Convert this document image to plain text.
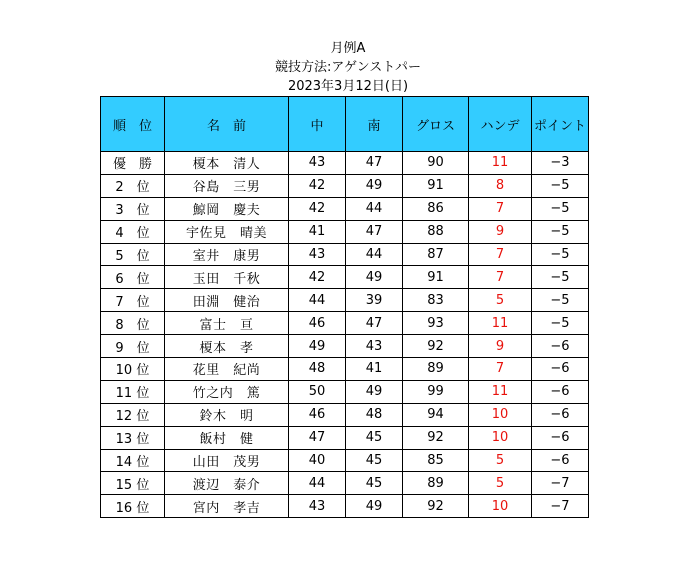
月例A
競技方法:アゲンストパー
2023年3月12日(日)
順　位	名　前	中	南	グロス	ハンデ	ポイント
優　勝	榎本　清人	43	47	90	11	−3
2　位	谷島　三男	42	49	91	8	−5
3　位	鯨岡　慶夫	42	44	86	7	−5
4　位	宇佐見　晴美	41	47	88	9	−5
5　位	室井　康男	43	44	87	7	−5
6　位	玉田　千秋	42	49	91	7	−5
7　位	田淵　健治	44	39	83	5	−5
8　位	富士　亘	46	47	93	11	−5
9　位	榎本　孝	49	43	92	9	−6
10 位	花里　紀尚	48	41	89	7	−6
11 位	竹之内　篤	50	49	99	11	−6
12 位	鈴木　明	46	48	94	10	−6
13 位	飯村　健	47	45	92	10	−6
14 位	山田　茂男	40	45	85	5	−6
15 位	渡辺　泰介	44	45	89	5	−7
16 位	宮内　孝吉	43	49	92	10	−7
